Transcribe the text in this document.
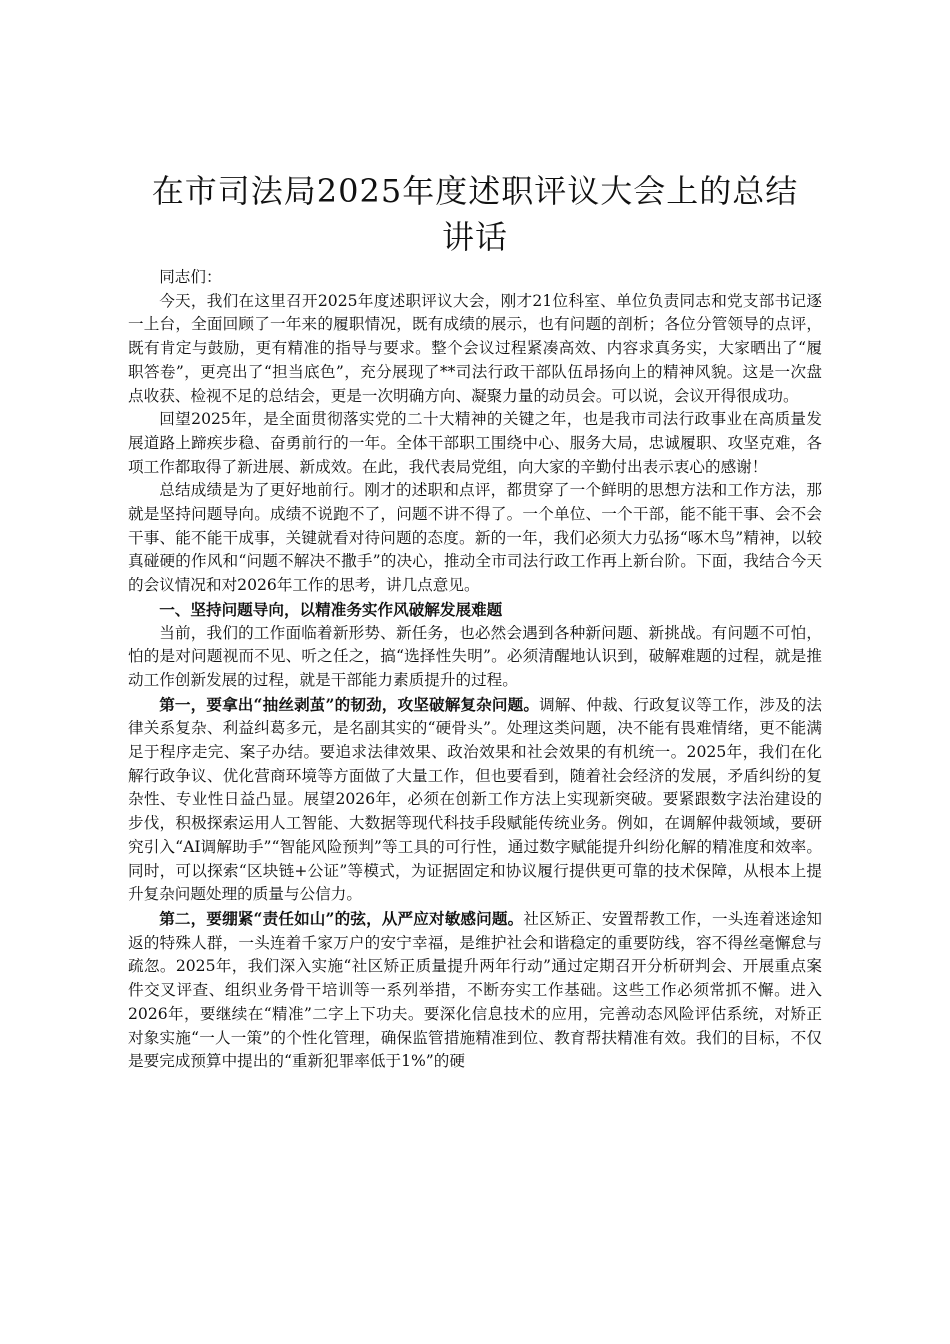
在市司法局2025年度述职评议大会上的总结
讲话

同志们：

今天，我们在这里召开2025年度述职评议大会，刚才21位科室、单位负责同志和党支部书记逐一上台，全面回顾了一年来的履职情况，既有成绩的展示，也有问题的剖析；各位分管领导的点评，既有肯定与鼓励，更有精准的指导与要求。整个会议过程紧凑高效、内容求真务实，大家晒出了“履职答卷”，更亮出了“担当底色”，充分展现了**司法行政干部队伍昂扬向上的精神风貌。这是一次盘点收获、检视不足的总结会，更是一次明确方向、凝聚力量的动员会。可以说，会议开得很成功。

回望2025年，是全面贯彻落实党的二十大精神的关键之年，也是我市司法行政事业在高质量发展道路上蹄疾步稳、奋勇前行的一年。全体干部职工围绕中心、服务大局，忠诚履职、攻坚克难，各项工作都取得了新进展、新成效。在此，我代表局党组，向大家的辛勤付出表示衷心的感谢！

总结成绩是为了更好地前行。刚才的述职和点评，都贯穿了一个鲜明的思想方法和工作方法，那就是坚持问题导向。成绩不说跑不了，问题不讲不得了。一个单位、一个干部，能不能干事、会不会干事、能不能干成事，关键就看对待问题的态度。新的一年，我们必须大力弘扬“啄木鸟”精神，以较真碰硬的作风和“问题不解决不撒手”的决心，推动全市司法行政工作再上新台阶。下面，我结合今天的会议情况和对2026年工作的思考，讲几点意见。

一、坚持问题导向，以精准务实作风破解发展难题

当前，我们的工作面临着新形势、新任务，也必然会遇到各种新问题、新挑战。有问题不可怕，怕的是对问题视而不见、听之任之，搞“选择性失明”。必须清醒地认识到，破解难题的过程，就是推动工作创新发展的过程，就是干部能力素质提升的过程。

第一，要拿出“抽丝剥茧”的韧劲，攻坚破解复杂问题。调解、仲裁、行政复议等工作，涉及的法律关系复杂、利益纠葛多元，是名副其实的“硬骨头”。处理这类问题，决不能有畏难情绪，更不能满足于程序走完、案子办结。要追求法律效果、政治效果和社会效果的有机统一。2025年，我们在化解行政争议、优化营商环境等方面做了大量工作，但也要看到，随着社会经济的发展，矛盾纠纷的复杂性、专业性日益凸显。展望2026年，必须在创新工作方法上实现新突破。要紧跟数字法治建设的步伐，积极探索运用人工智能、大数据等现代科技手段赋能传统业务。例如，在调解仲裁领域，要研究引入“AI调解助手”“智能风险预判”等工具的可行性，通过数字赋能提升纠纷化解的精准度和效率。同时，可以探索“区块链+公证”等模式，为证据固定和协议履行提供更可靠的技术保障，从根本上提升复杂问题处理的质量与公信力。

第二，要绷紧“责任如山”的弦，从严应对敏感问题。社区矫正、安置帮教工作，一头连着迷途知返的特殊人群，一头连着千家万户的安宁幸福，是维护社会和谐稳定的重要防线，容不得丝毫懈怠与疏忽。2025年，我们深入实施“社区矫正质量提升两年行动”通过定期召开分析研判会、开展重点案件交叉评查、组织业务骨干培训等一系列举措，不断夯实工作基础。这些工作必须常抓不懈。进入2026年，要继续在“精准”二字上下功夫。要深化信息技术的应用，完善动态风险评估系统，对矫正对象实施“一人一策”的个性化管理，确保监管措施精准到位、教育帮扶精准有效。我们的目标，不仅是要完成预算中提出的“重新犯罪率低于1%”的硬
